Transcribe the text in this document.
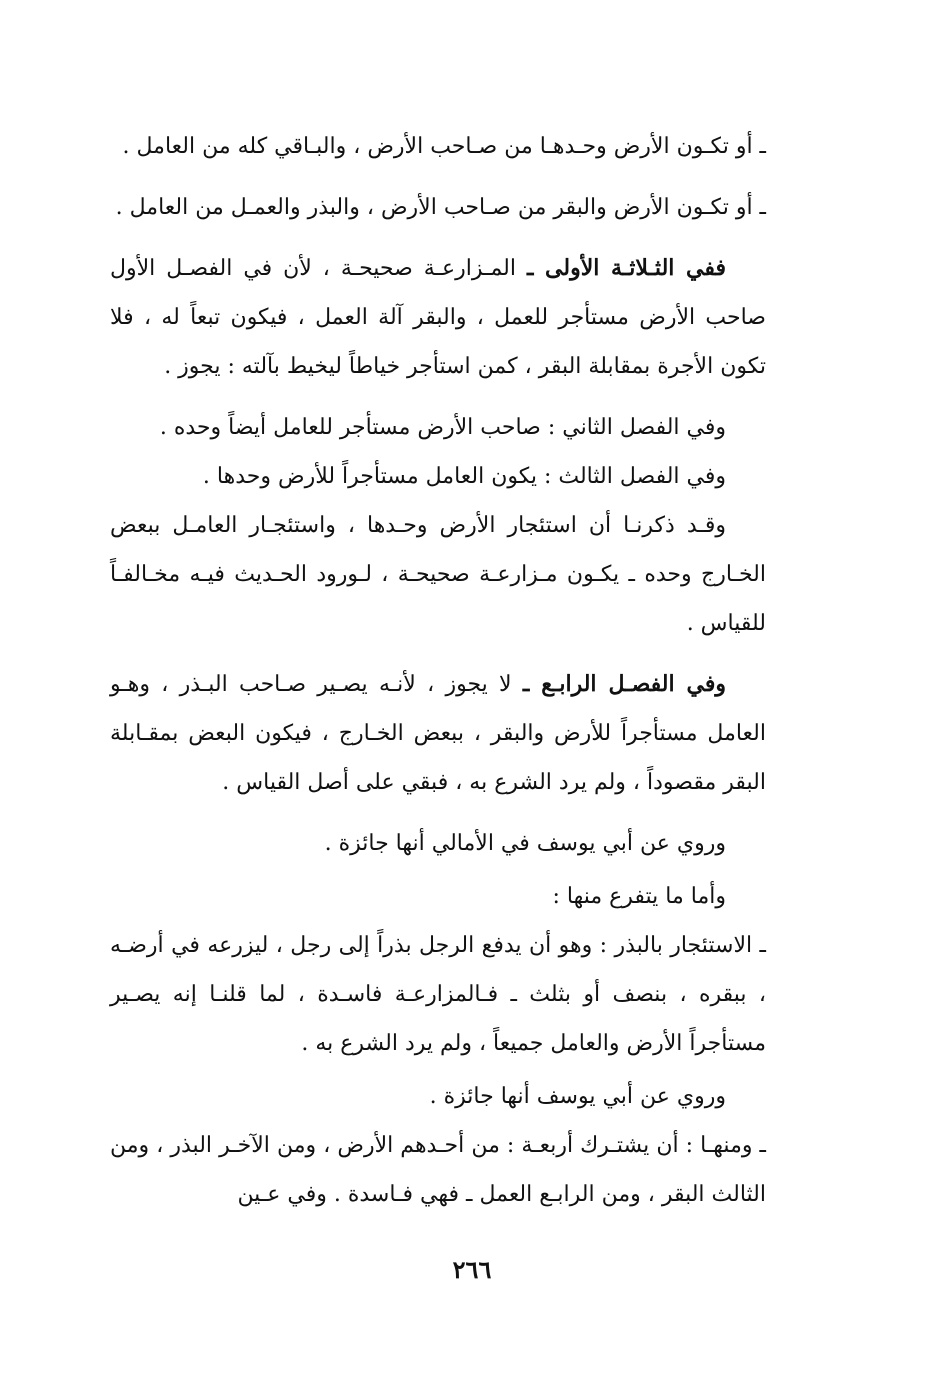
ـ أو تكـون الأرض وحـدهـا من صـاحب الأرض ، والبـاقي كله من العامل .

ـ أو تكـون الأرض والبقر من صـاحب الأرض ، والبذر والعمـل من العامل .

ففي الثـلاثـة الأولى ـ المـزارعـة صحيحـة ، لأن في الفصـل الأول صاحب الأرض مستأجر للعمل ، والبقر آلة العمل ، فيكون تبعاً له ، فلا تكون الأجرة بمقابلة البقر ، كمن استأجر خياطاً ليخيط بآلته : يجوز .

وفي الفصل الثاني : صاحب الأرض مستأجر للعامل أيضاً وحده .

وفي الفصل الثالث : يكون العامل مستأجراً للأرض وحدها .

وقـد ذكرنـا أن استئجار الأرض وحـدها ، واستئجـار العامـل ببعض الخـارج وحده ـ يكـون مـزارعـة صحيحـة ، لـورود الحـديث فيـه مخـالفـاً للقياس .

وفي الفصـل الرابـع ـ لا يجوز ، لأنـه يصـير صـاحب البـذر ، وهـو العامل مستأجراً للأرض والبقر ، ببعض الخـارج ، فيكون البعض بمقـابلة البقر مقصوداً ، ولم يرد الشرع به ، فبقي على أصل القياس .

وروي عن أبي يوسف في الأمالي أنها جائزة .

وأما ما يتفرع منها :

ـ الاستئجار بالبذر : وهو أن يدفع الرجل بذراً إلى رجل ، ليزرعه في أرضـه ، ببقره ، بنصف أو بثلث ـ فـالمزارعـة فاسـدة ، لما قلنـا إنه يصـير مستأجراً الأرض والعامل جميعاً ، ولم يرد الشرع به .

وروي عن أبي يوسف أنها جائزة .

ـ ومنهـا : أن يشتـرك أربعـة : من أحـدهم الأرض ، ومن الآخـر البذر ، ومن الثالث البقر ، ومن الرابـع العمل ـ فهي فـاسدة . وفي عـين

٢٦٦
